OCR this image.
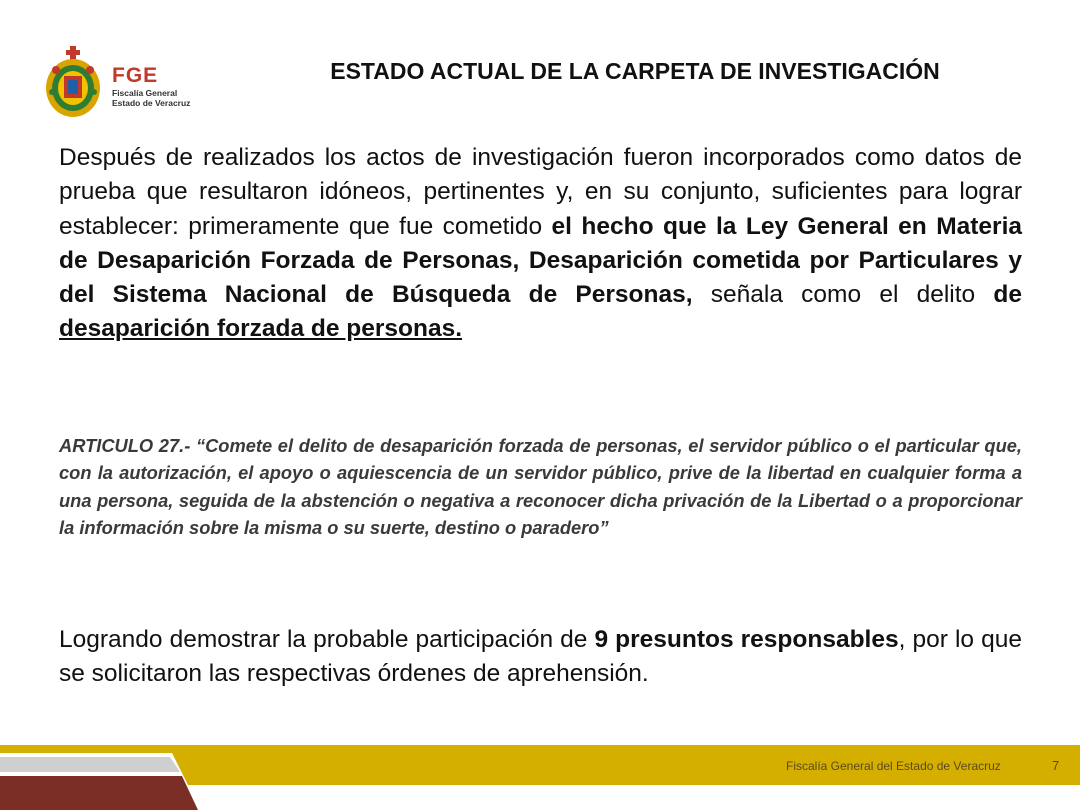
FGE
Fiscalía General
Estado de Veracruz
ESTADO ACTUAL DE LA CARPETA DE INVESTIGACIÓN
Después de realizados los actos de investigación fueron incorporados como datos de prueba que resultaron idóneos, pertinentes y, en su conjunto, suficientes para lograr establecer: primeramente que fue cometido el hecho que la Ley General en Materia de Desaparición Forzada de Personas, Desaparición cometida por Particulares y del Sistema Nacional de Búsqueda de Personas, señala como el delito de desaparición forzada de personas.
ARTICULO 27.- “Comete el delito de desaparición forzada de personas, el servidor público o el particular que, con la autorización, el apoyo o aquiescencia de un servidor público, prive de la libertad en cualquier forma a una persona, seguida de la abstención o negativa a reconocer dicha privación de la Libertad o a proporcionar la información sobre la misma o su suerte, destino o paradero”
Logrando demostrar la probable participación de 9 presuntos responsables, por lo que se solicitaron las respectivas órdenes de aprehensión.
Fiscalía General del Estado de Veracruz	7
